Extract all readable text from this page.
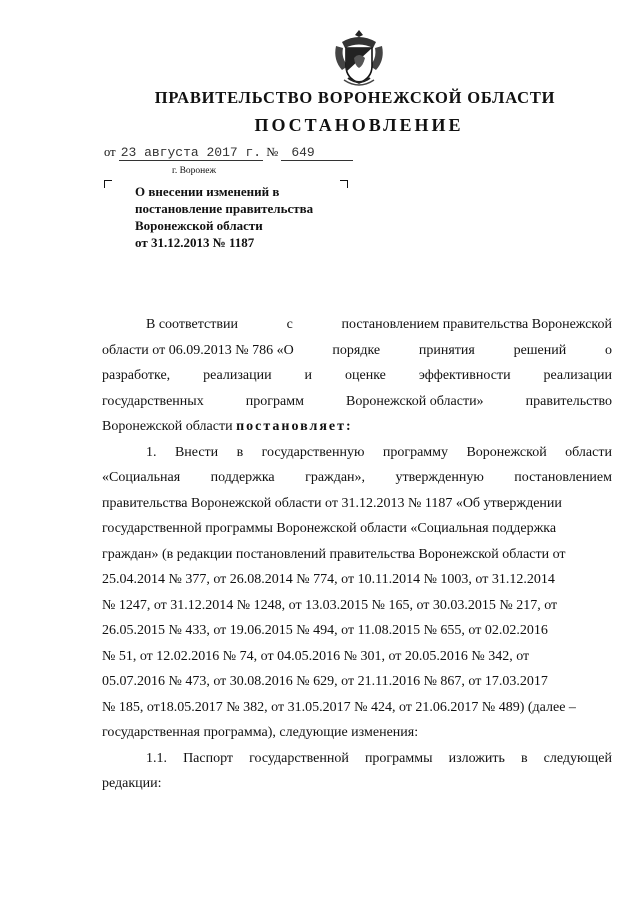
ПРАВИТЕЛЬСТВО ВОРОНЕЖСКОЙ ОБЛАСТИ
ПОСТАНОВЛЕНИЕ
от 23 августа 2017 г. № 649
г. Воронеж
О внесении изменений в
постановление правительства
Воронежской области
от 31.12.2013 № 1187
В соответствии	с	постановлением правительства Воронежской
области от 06.09.2013 № 786 «О	порядке	принятия	решений	о
разработке, реализации и оценке эффективности реализации
государственных	программ	Воронежской области»	правительство
Воронежской области
постановляет:
1. Внести в государственную программу Воронежской области
«Социальная поддержка граждан», утвержденную постановлением
правительства Воронежской области от 31.12.2013 № 1187 «Об утверждении
государственной программы Воронежской области «Социальная поддержка
граждан» (в редакции постановлений правительства Воронежской области от
25.04.2014 № 377, от 26.08.2014 № 774, от 10.11.2014 № 1003, от 31.12.2014
№ 1247, от 31.12.2014 № 1248, от 13.03.2015 № 165, от 30.03.2015 № 217, от
26.05.2015 № 433, от 19.06.2015 № 494, от 11.08.2015 № 655, от 02.02.2016
№ 51, от 12.02.2016 № 74, от 04.05.2016 № 301, от 20.05.2016 № 342, от
05.07.2016 № 473, от 30.08.2016 № 629, от 21.11.2016 № 867, от 17.03.2017
№ 185, от18.05.2017 № 382, от 31.05.2017 № 424, от 21.06.2017 № 489) (далее –
государственная программа), следующие изменения:
1.1. Паспорт государственной программы изложить в следующей
редакции:
